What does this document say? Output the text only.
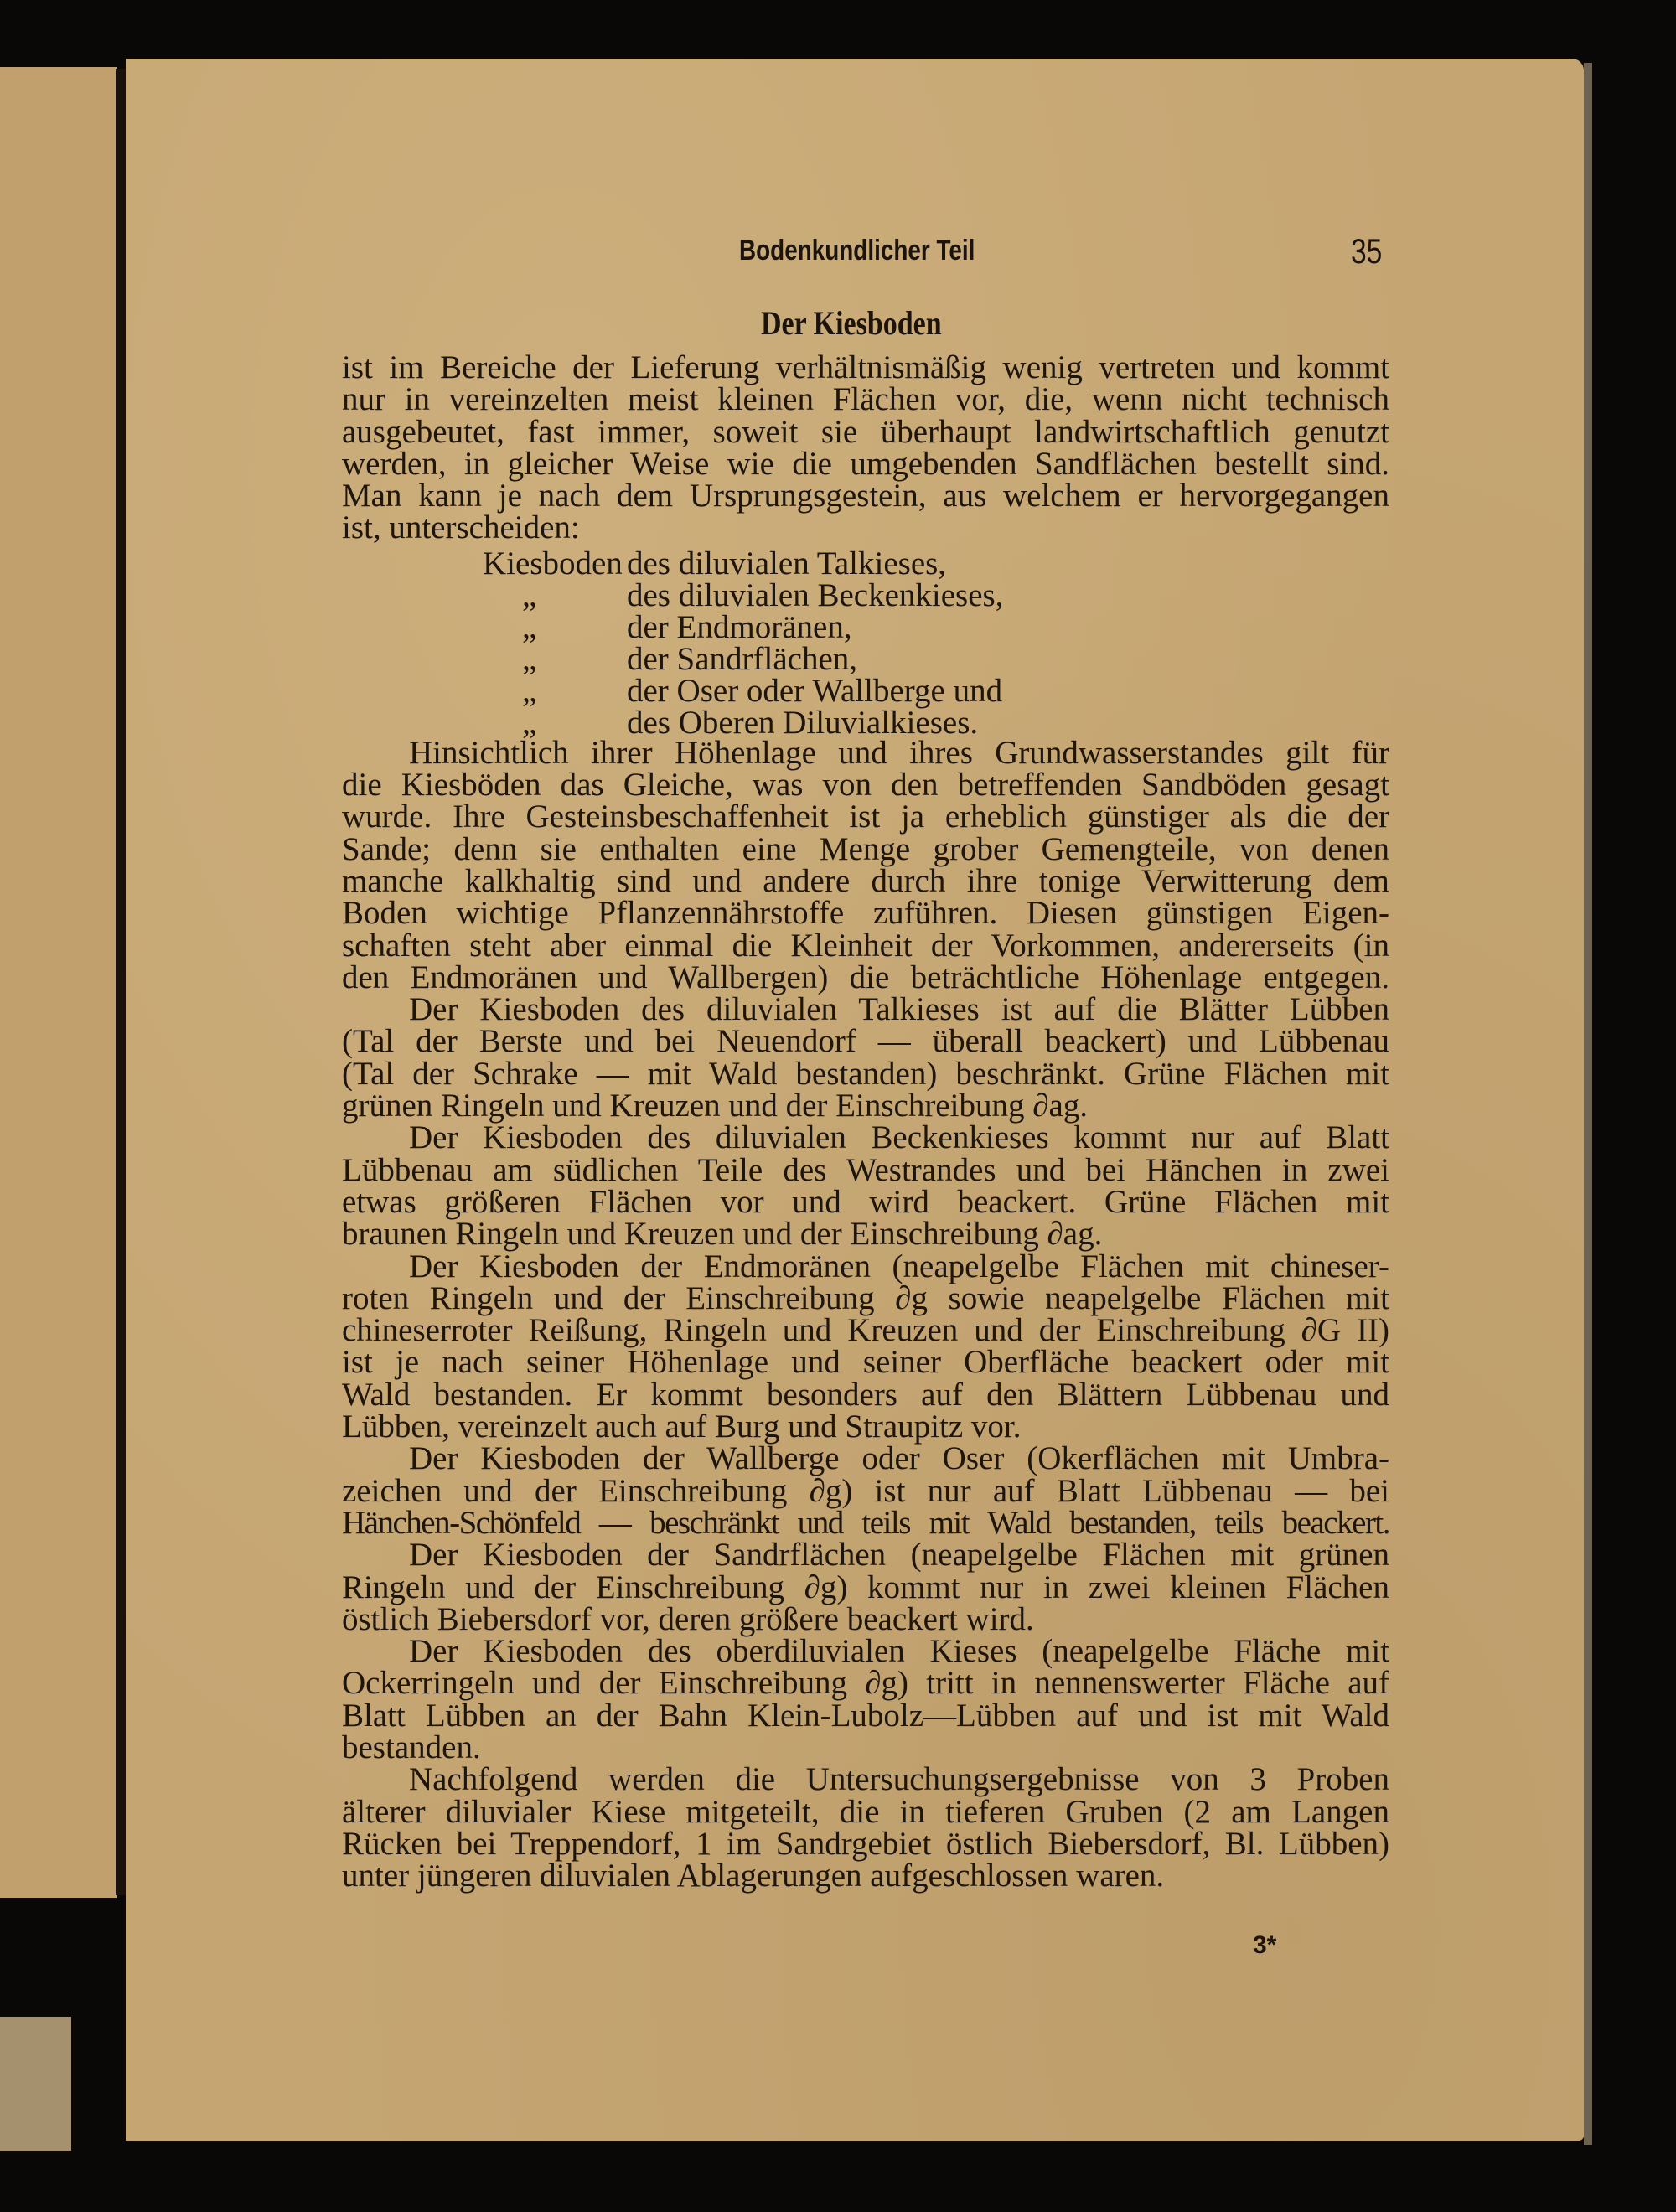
Bodenkundlicher Teil	35
Der Kiesboden
ist im Bereiche der Lieferung verhältnismäßig wenig vertreten und kommt
nur in vereinzelten meist kleinen Flächen vor, die, wenn nicht technisch
ausgebeutet, fast immer, soweit sie überhaupt landwirtschaftlich genutzt
werden, in gleicher Weise wie die umgebenden Sandflächen bestellt sind.
Man kann je nach dem Ursprungsgestein, aus welchem er hervorgegangen
ist, unterscheiden:
Kiesboden des diluvialen Talkieses,
„	des diluvialen Beckenkieses,
„	der Endmoränen,
„	der Sandrflächen,
„	der Oser oder Wallberge und
„	des Oberen Diluvialkieses.
Hinsichtlich ihrer Höhenlage und ihres Grundwasserstandes gilt für
die Kiesböden das Gleiche, was von den betreffenden Sandböden gesagt
wurde. Ihre Gesteinsbeschaffenheit ist ja erheblich günstiger als die der
Sande; denn sie enthalten eine Menge grober Gemengteile, von denen
manche kalkhaltig sind und andere durch ihre tonige Verwitterung dem
Boden wichtige Pflanzennährstoffe zuführen. Diesen günstigen Eigen-
schaften steht aber einmal die Kleinheit der Vorkommen, andererseits (in
den Endmoränen und Wallbergen) die beträchtliche Höhenlage entgegen.
Der Kiesboden des diluvialen Talkieses ist auf die Blätter Lübben
(Tal der Berste und bei Neuendorf — überall beackert) und Lübbenau
(Tal der Schrake — mit Wald bestanden) beschränkt. Grüne Flächen mit
grünen Ringeln und Kreuzen und der Einschreibung ∂ag.
Der Kiesboden des diluvialen Beckenkieses kommt nur auf Blatt
Lübbenau am südlichen Teile des Westrandes und bei Hänchen in zwei
etwas größeren Flächen vor und wird beackert. Grüne Flächen mit
braunen Ringeln und Kreuzen und der Einschreibung ∂ag.
Der Kiesboden der Endmoränen (neapelgelbe Flächen mit chineser-
roten Ringeln und der Einschreibung ∂g sowie neapelgelbe Flächen mit
chineserroter Reißung, Ringeln und Kreuzen und der Einschreibung ∂G II)
ist je nach seiner Höhenlage und seiner Oberfläche beackert oder mit
Wald bestanden. Er kommt besonders auf den Blättern Lübbenau und
Lübben, vereinzelt auch auf Burg und Straupitz vor.
Der Kiesboden der Wallberge oder Oser (Okerflächen mit Umbra-
zeichen und der Einschreibung ∂g) ist nur auf Blatt Lübbenau — bei
Hänchen-Schönfeld — beschränkt und teils mit Wald bestanden, teils beackert.
Der Kiesboden der Sandrflächen (neapelgelbe Flächen mit grünen
Ringeln und der Einschreibung ∂g) kommt nur in zwei kleinen Flächen
östlich Biebersdorf vor, deren größere beackert wird.
Der Kiesboden des oberdiluvialen Kieses (neapelgelbe Fläche mit
Ockerringeln und der Einschreibung ∂g) tritt in nennenswerter Fläche auf
Blatt Lübben an der Bahn Klein-Lubolz—Lübben auf und ist mit Wald
bestanden.
Nachfolgend werden die Untersuchungsergebnisse von 3 Proben
älterer diluvialer Kiese mitgeteilt, die in tieferen Gruben (2 am Langen
Rücken bei Treppendorf, 1 im Sandrgebiet östlich Biebersdorf, Bl. Lübben)
unter jüngeren diluvialen Ablagerungen aufgeschlossen waren.
3*
